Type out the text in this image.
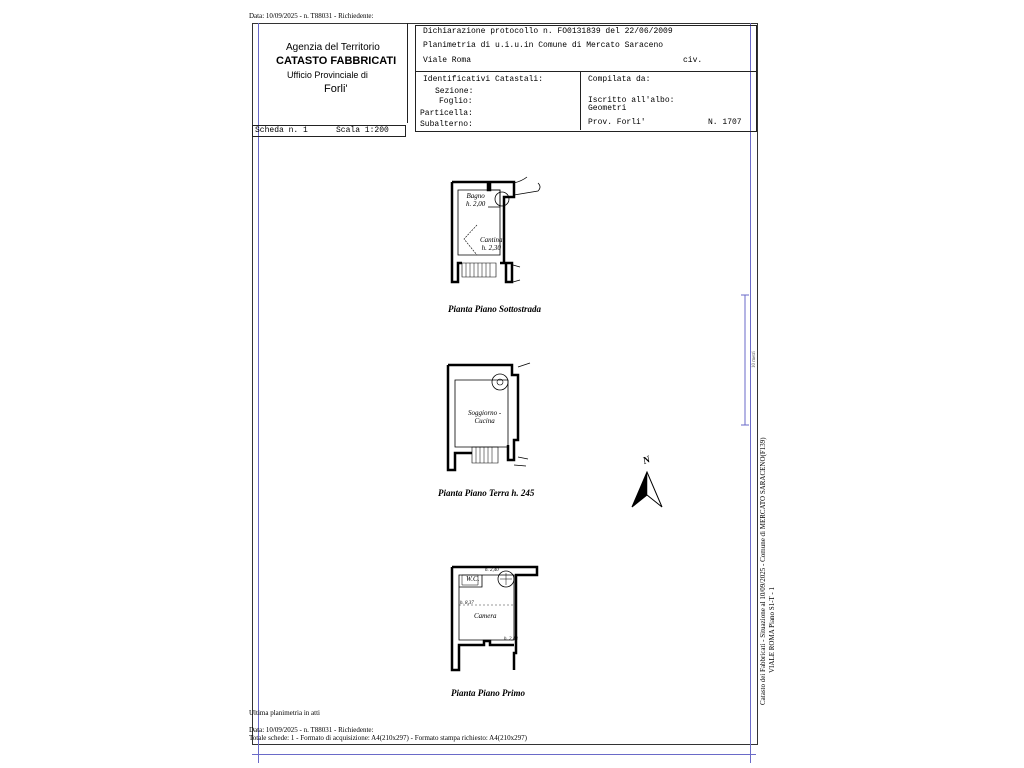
Data: 10/09/2025 - n. T88031 - Richiedente:
Agenzia del Territorio
CATASTO FABBRICATI
Ufficio Provinciale di
Forli'
Dichiarazione protocollo n. FO0131839 del 22/06/2009
Planimetria di u.i.u.in Comune di Mercato Saraceno
Viale Roma	civ.
Identificativi Catastali:
Sezione:
Foglio:
Particella:
Subalterno:
Compilata da:
Iscritto all'albo:
Geometri
Prov. Forli'	N. 1707
Scheda n. 1	Scala 1:200
Bagno
h. 2,00
Cantina
h. 2,30
Pianta Piano Sottostrada
Soggiorno -
Cucina
Pianta Piano Terra h. 245
W.C.
h. 2,40
h. 8,37
Camera
h. 2,48
Pianta Piano Primo
N	Catasto dei Fabbricati - Situazione al 10/09/2025 - Comune di MERCATO SARACENO(F139) VIALE ROMA Piano S1-T - 1
10 metri
Ultima planimetria in atti
Data: 10/09/2025 - n. T88031 - Richiedente:
Totale schede: 1 - Formato di acquisizione: A4(210x297) - Formato stampa richiesto: A4(210x297)
